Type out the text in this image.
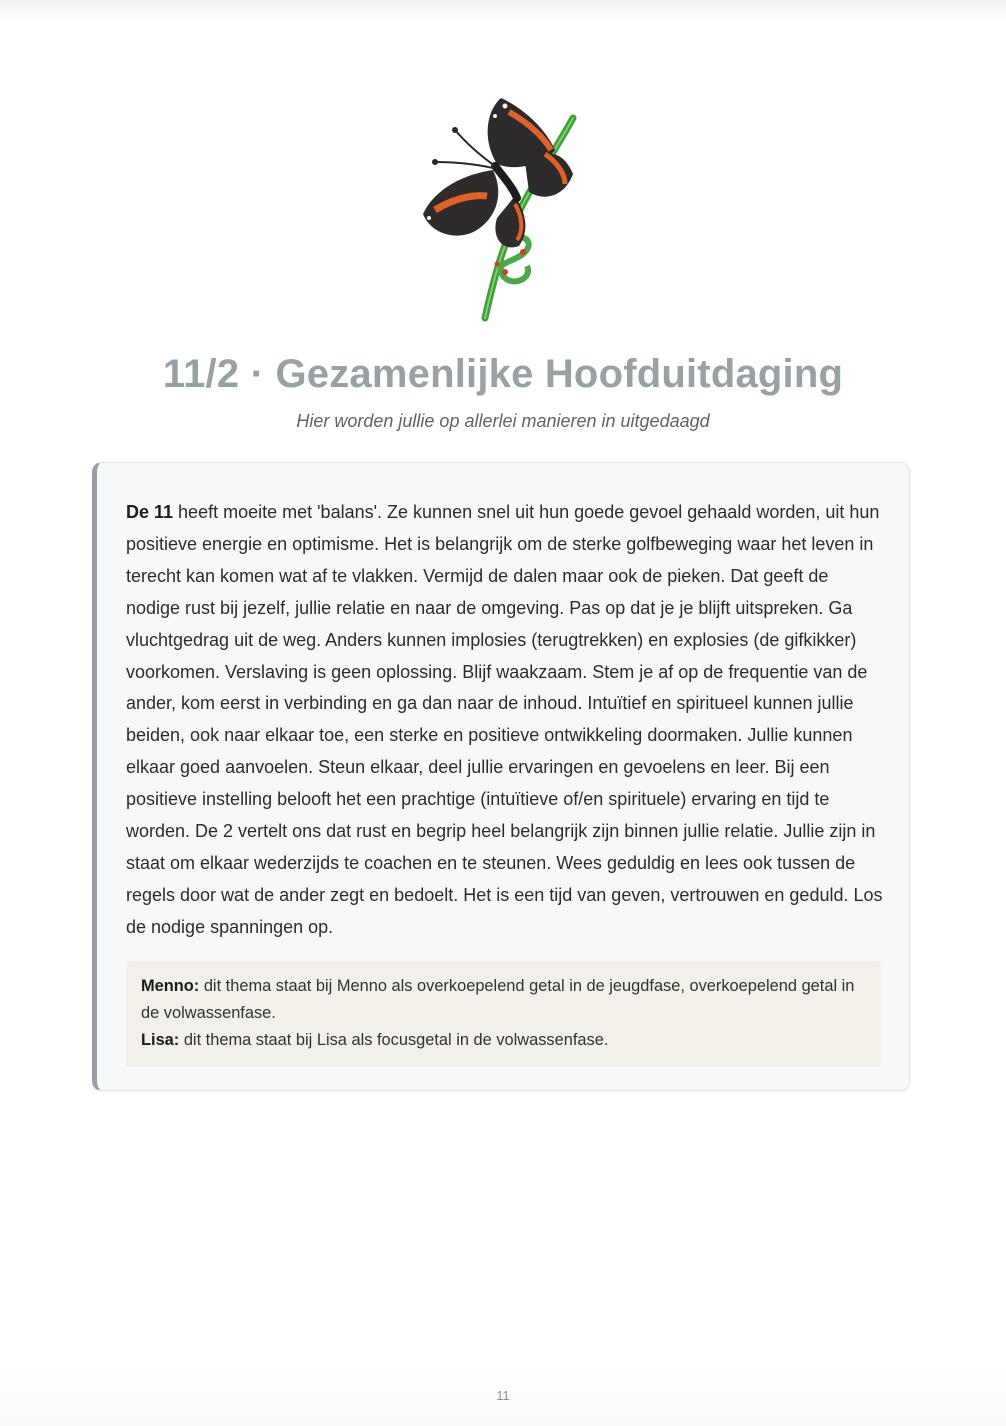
11/2 · Gezamenlijke Hoofduitdaging

Hier worden jullie op allerlei manieren in uitgedaagd

De 11 heeft moeite met 'balans'. Ze kunnen snel uit hun goede gevoel gehaald worden, uit hun positieve energie en optimisme. Het is belangrijk om de sterke golfbeweging waar het leven in terecht kan komen wat af te vlakken. Vermijd de dalen maar ook de pieken. Dat geeft de nodige rust bij jezelf, jullie relatie en naar de omgeving. Pas op dat je je blijft uitspreken. Ga vluchtgedrag uit de weg. Anders kunnen implosies (terugtrekken) en explosies (de gifkikker) voorkomen. Verslaving is geen oplossing. Blijf waakzaam. Stem je af op de frequentie van de ander, kom eerst in verbinding en ga dan naar de inhoud. Intuïtief en spiritueel kunnen jullie beiden, ook naar elkaar toe, een sterke en positieve ontwikkeling doormaken. Jullie kunnen elkaar goed aanvoelen. Steun elkaar, deel jullie ervaringen en gevoelens en leer. Bij een positieve instelling belooft het een prachtige (intuïtieve of/en spirituele) ervaring en tijd te worden. De 2 vertelt ons dat rust en begrip heel belangrijk zijn binnen jullie relatie. Jullie zijn in staat om elkaar wederzijds te coachen en te steunen. Wees geduldig en lees ook tussen de regels door wat de ander zegt en bedoelt. Het is een tijd van geven, vertrouwen en geduld. Los de nodige spanningen op.

Menno: dit thema staat bij Menno als overkoepelend getal in de jeugdfase, overkoepelend getal in de volwassenfase.

Lisa: dit thema staat bij Lisa als focusgetal in de volwassenfase.

11
